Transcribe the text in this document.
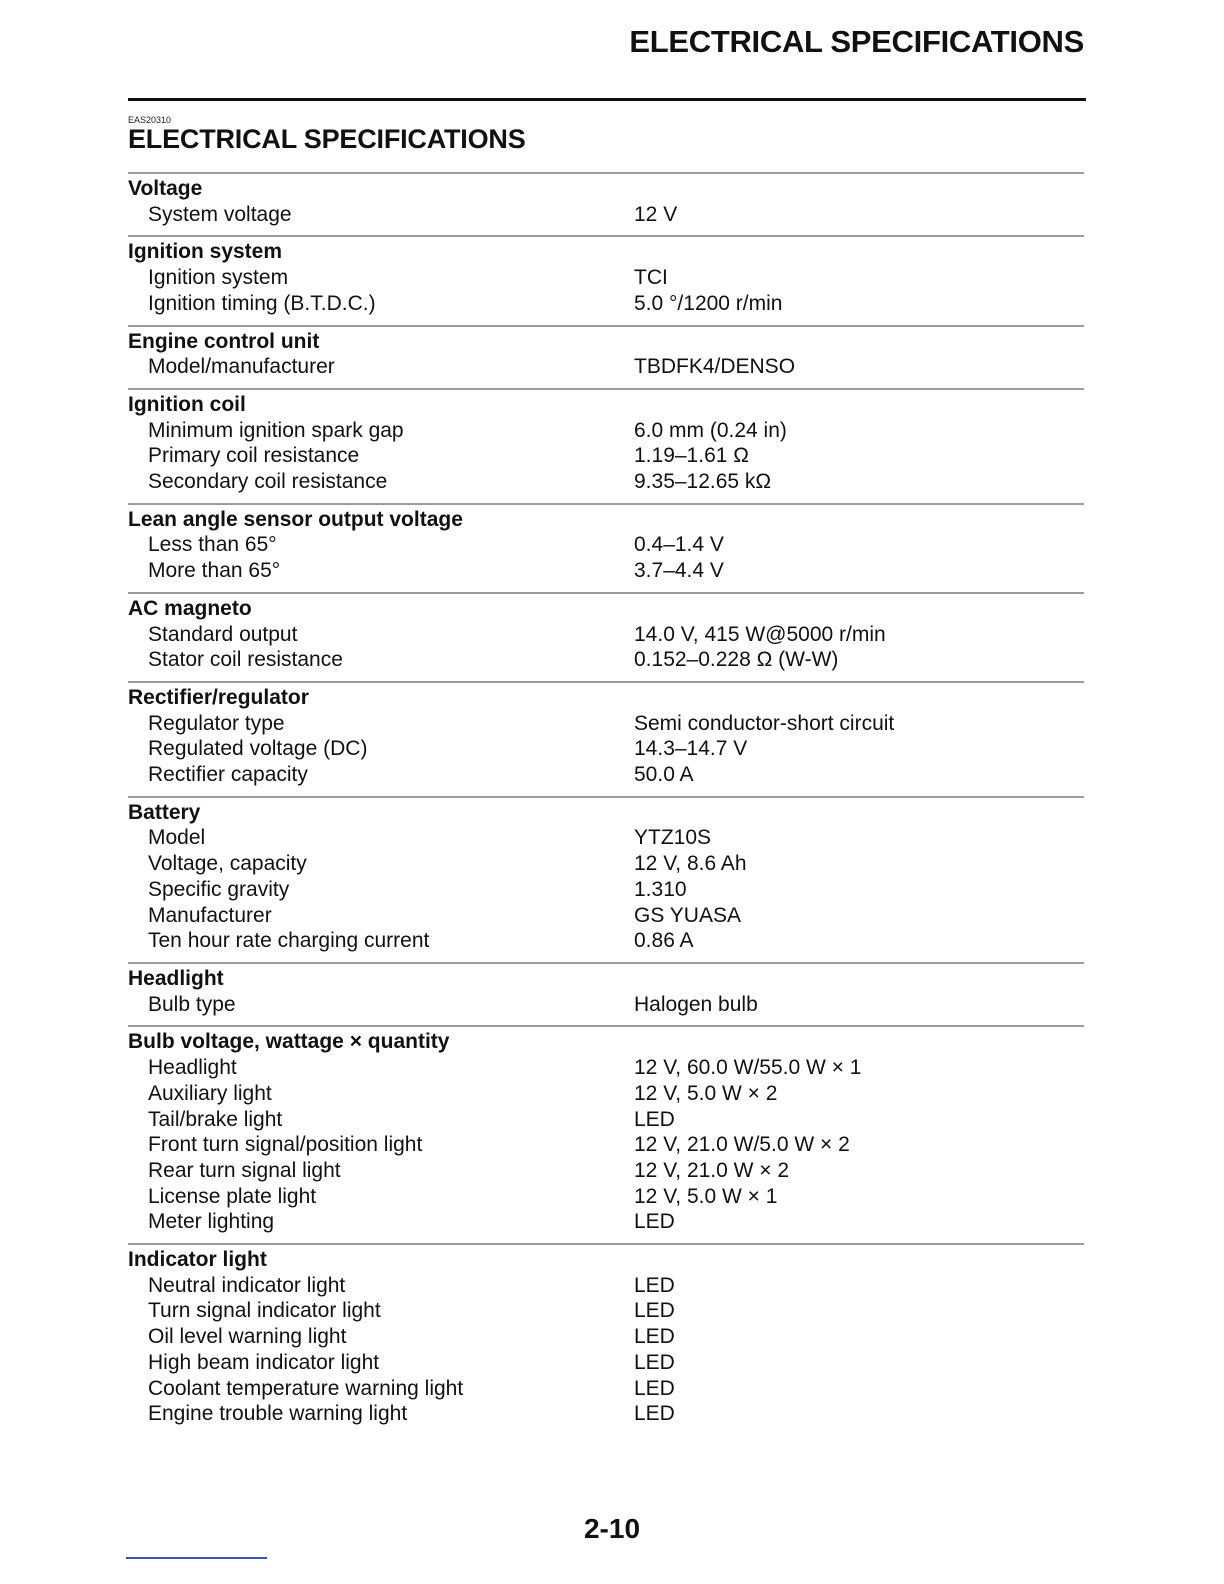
ELECTRICAL SPECIFICATIONS
EAS20310
ELECTRICAL SPECIFICATIONS
Voltage
System voltage	12 V
Ignition system
Ignition system	TCI
Ignition timing (B.T.D.C.)	5.0 °/1200 r/min
Engine control unit
Model/manufacturer	TBDFK4/DENSO
Ignition coil
Minimum ignition spark gap	6.0 mm (0.24 in)
Primary coil resistance	1.19–1.61 Ω
Secondary coil resistance	9.35–12.65 kΩ
Lean angle sensor output voltage
Less than 65°	0.4–1.4 V
More than 65°	3.7–4.4 V
AC magneto
Standard output	14.0 V, 415 W@5000 r/min
Stator coil resistance	0.152–0.228 Ω (W-W)
Rectifier/regulator
Regulator type	Semi conductor-short circuit
Regulated voltage (DC)	14.3–14.7 V
Rectifier capacity	50.0 A
Battery
Model	YTZ10S
Voltage, capacity	12 V, 8.6 Ah
Specific gravity	1.310
Manufacturer	GS YUASA
Ten hour rate charging current	0.86 A
Headlight
Bulb type	Halogen bulb
Bulb voltage, wattage × quantity
Headlight	12 V, 60.0 W/55.0 W × 1
Auxiliary light	12 V, 5.0 W × 2
Tail/brake light	LED
Front turn signal/position light	12 V, 21.0 W/5.0 W × 2
Rear turn signal light	12 V, 21.0 W × 2
License plate light	12 V, 5.0 W × 1
Meter lighting	LED
Indicator light
Neutral indicator light	LED
Turn signal indicator light	LED
Oil level warning light	LED
High beam indicator light	LED
Coolant temperature warning light	LED
Engine trouble warning light	LED
2-10
